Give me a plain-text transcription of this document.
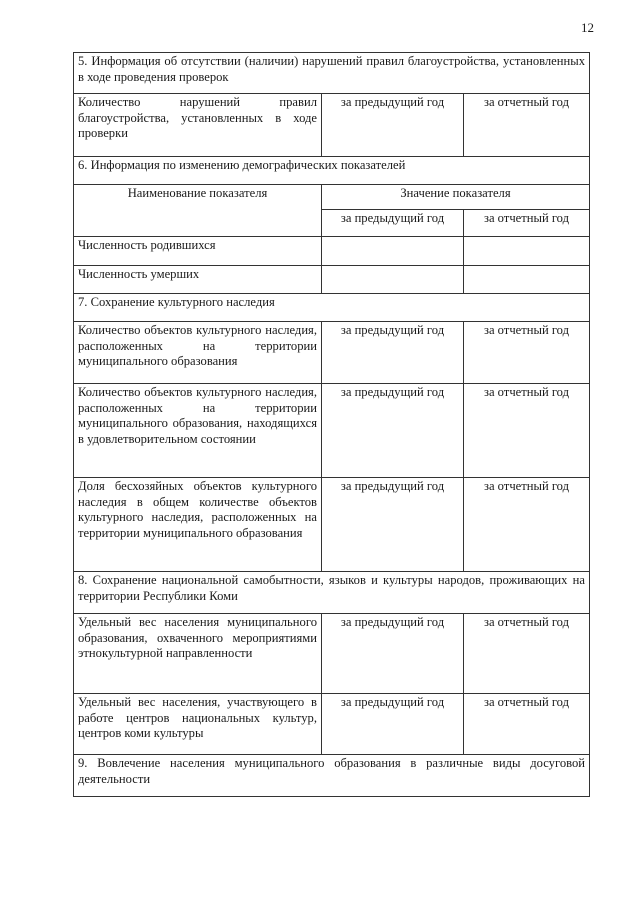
12
5. Информация об отсутствии (наличии) нарушений правил благоустройства, установленных в ходе проведения проверок		
Количество нарушений правил благоустройства, установленных в ходе проверки	за предыдущий год	за отчетный год
6. Информация по изменению демографических показателей		
Наименование показателя	Значение показателя	
	за предыдущий год	за отчетный год
Численность родившихся		
Численность умерших		
7. Сохранение культурного наследия		
Количество объектов культурного наследия, расположенных на территории муниципального образования	за предыдущий год	за отчетный год
Количество объектов культурного наследия, расположенных на территории муниципального образования, находящихся в удовлетворительном состоянии	за предыдущий год	за отчетный год
Доля бесхозяйных объектов культурного наследия в общем количестве объектов культурного наследия, расположенных на территории муниципального образования	за предыдущий год	за отчетный год
8. Сохранение национальной самобытности, языков и культуры народов, проживающих на территории Республики Коми		
Удельный вес населения муниципального образования, охваченного мероприятиями этнокультурной направленности	за предыдущий год	за отчетный год
Удельный вес населения, участвующего в работе центров национальных культур, центров коми культуры	за предыдущий год	за отчетный год
9. Вовлечение населения муниципального образования в различные виды досуговой деятельности		
